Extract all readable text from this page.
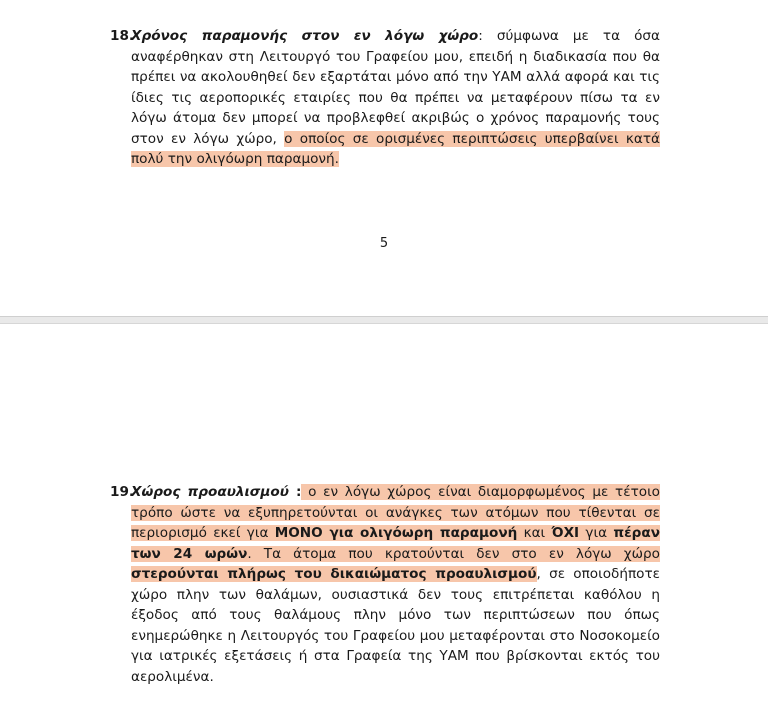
18.
Χρόνος παραμονής στον εν λόγω χώρο: σύμφωνα με τα όσα αναφέρθηκαν στη Λειτουργό του Γραφείου μου, επειδή η διαδικασία που θα πρέπει να ακολουθηθεί δεν εξαρτάται μόνο από την ΥΑΜ αλλά αφορά και τις ίδιες τις αεροπορικές εταιρίες που θα πρέπει να μεταφέρουν πίσω τα εν λόγω άτομα δεν μπορεί να προβλεφθεί ακριβώς ο χρόνος παραμονής τους στον εν λόγω χώρο, ο οποίος σε ορισμένες περιπτώσεις υπερβαίνει κατά πολύ την ολιγόωρη παραμονή.
5
19.
Χώρος προαυλισμού : ο εν λόγω χώρος είναι διαμορφωμένος με τέτοιο τρόπο ώστε να εξυπηρετούνται οι ανάγκες των ατόμων που τίθενται σε περιορισμό εκεί για ΜΟΝΟ για ολιγόωρη παραμονή και ΌΧΙ για πέραν των 24 ωρών. Τα άτομα που κρατούνται δεν στο εν λόγω χώρο στερούνται πλήρως του δικαιώματος προαυλισμού, σε οποιοδήποτε χώρο πλην των θαλάμων, ουσιαστικά δεν τους επιτρέπεται καθόλου η έξοδος από τους θαλάμους πλην μόνο των περιπτώσεων που όπως ενημερώθηκε η Λειτουργός του Γραφείου μου μεταφέρονται στο Νοσοκομείο για ιατρικές εξετάσεις ή στα Γραφεία της ΥΑΜ που βρίσκονται εκτός του αερολιμένα.
